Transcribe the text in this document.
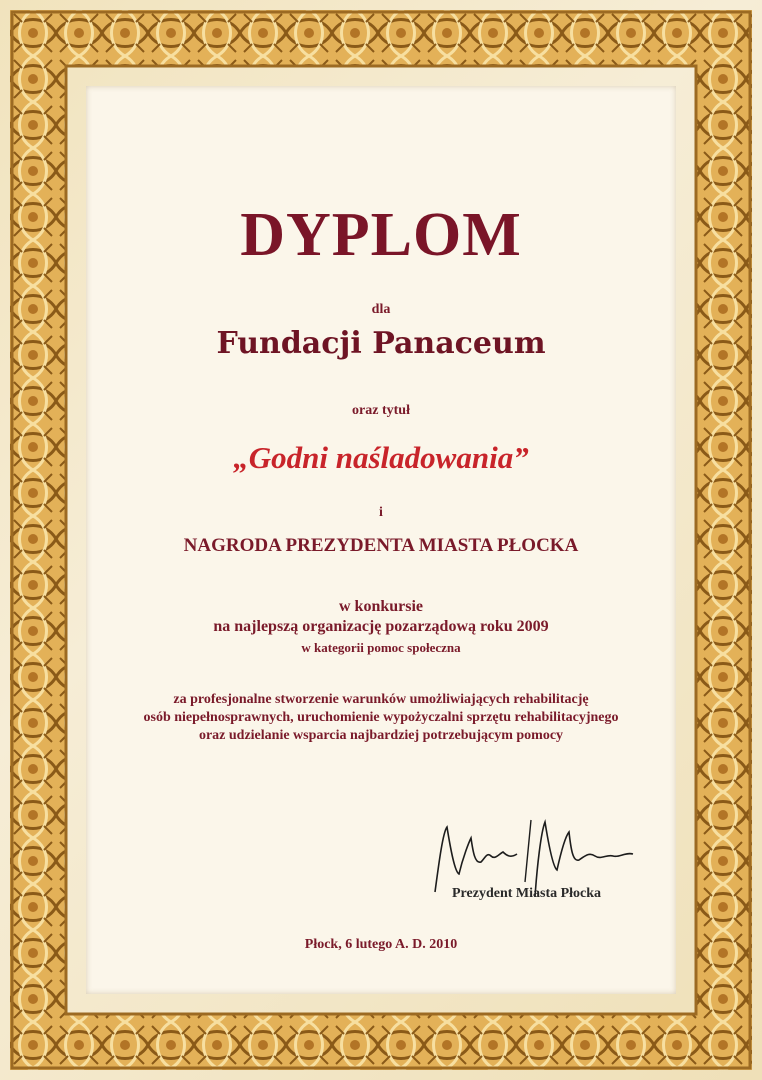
DYPLOM
dla
Fundacji Panaceum
oraz tytuł
„Godni naśladowania”
i
NAGRODA PREZYDENTA MIASTA PŁOCKA
w konkursie
na najlepszą organizację pozarządową roku 2009
w kategorii pomoc społeczna
za profesjonalne stworzenie warunków umożliwiających rehabilitację
osób niepełnosprawnych, uruchomienie wypożyczalni sprzętu rehabilitacyjnego
oraz udzielanie wsparcia najbardziej potrzebującym pomocy
Prezydent Miasta Płocka
Płock, 6 lutego A. D. 2010
